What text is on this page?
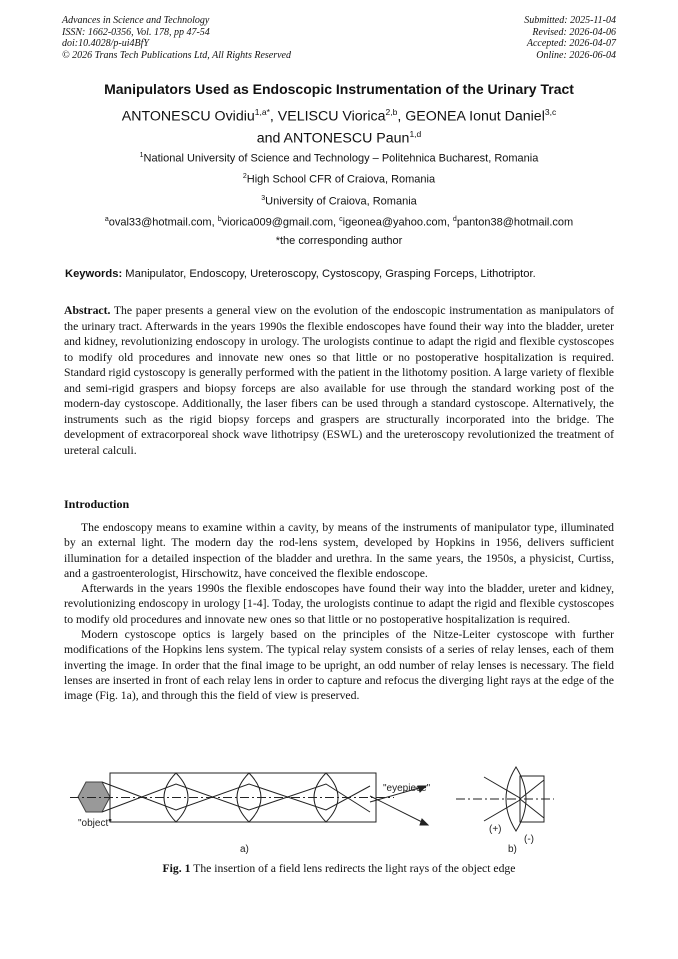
Advances in Science and Technology
ISSN: 1662-0356, Vol. 178, pp 47-54
doi:10.4028/p-ui4BfY
© 2026 Trans Tech Publications Ltd, All Rights Reserved
Submitted: 2025-11-04
Revised: 2026-04-06
Accepted: 2026-04-07
Online: 2026-06-04
Manipulators Used as Endoscopic Instrumentation of the Urinary Tract
ANTONESCU Ovidiu$^{1,a*}$, VELISCU Viorica$^{2,b}$, GEONEA Ionut Daniel$^{3,c}$
and ANTONESCU Paun$^{1,d}$
$^1$National University of Science and Technology – Politehnica Bucharest, Romania
$^2$High School CFR of Craiova, Romania
$^3$University of Craiova, Romania
$^a$oval33@hotmail.com, $^b$viorica009@gmail.com, $^c$igeonea@yahoo.com, $^d$panton38@hotmail.com
*the corresponding author
Keywords: Manipulator, Endoscopy, Ureteroscopy, Cystoscopy, Grasping Forceps, Lithotriptor.
Abstract. The paper presents a general view on the evolution of the endoscopic instrumentation as manipulators of the urinary tract. Afterwards in the years 1990s the flexible endoscopes have found their way into the bladder, ureter and kidney, revolutionizing endoscopy in urology. The urologists continue to adapt the rigid and flexible cystoscopes to modify old procedures and innovate new ones so that little or no postoperative hospitalization is required. Standard rigid cystoscopy is generally performed with the patient in the lithotomy position. A large variety of flexible and semi-rigid graspers and biopsy forceps are also available for use through the standard working post of the modern-day cystoscope. Additionally, the laser fibers can be used through a standard cystoscope. Alternatively, the instruments such as the rigid biopsy forceps and graspers are structurally incorporated into the bridge. The development of extracorporeal shock wave lithotripsy (ESWL) and the ureteroscopy revolutionized the treatment of ureteral calculi.
Introduction

The endoscopy means to examine within a cavity, by means of the instruments of manipulator type, illuminated by an external light. The modern day the rod-lens system, developed by Hopkins in 1956, delivers sufficient illumination for a detailed inspection of the bladder and urethra. In the same years, the 1950s, a physicist, Curtiss, and a gastroenterologist, Hirschowitz, have conceived the flexible endoscope.

Afterwards in the years 1990s the flexible endoscopes have found their way into the bladder, ureter and kidney, revolutionizing endoscopy in urology [1-4]. Today, the urologists continue to adapt the rigid and flexible cystoscopes to modify old procedures and innovate new ones so that little or no postoperative hospitalization is required.

Modern cystoscope optics is largely based on the principles of the Nitze-Leiter cystoscope with further modifications of the Hopkins lens system. The typical relay system consists of a series of relay lenses, each of them inverting the image. In order that the final image to be upright, an odd number of relay lenses is necessary. The field lenses are inserted in front of each relay lens in order to capture and refocus the diverging light rays at the edge of the image (Fig. 1a), and through this the field of view is preserved.

"object"
"eyepiece"
a)
(+)
(-)
b)
Fig. 1 The insertion of a field lens redirects the light rays of the object edge
